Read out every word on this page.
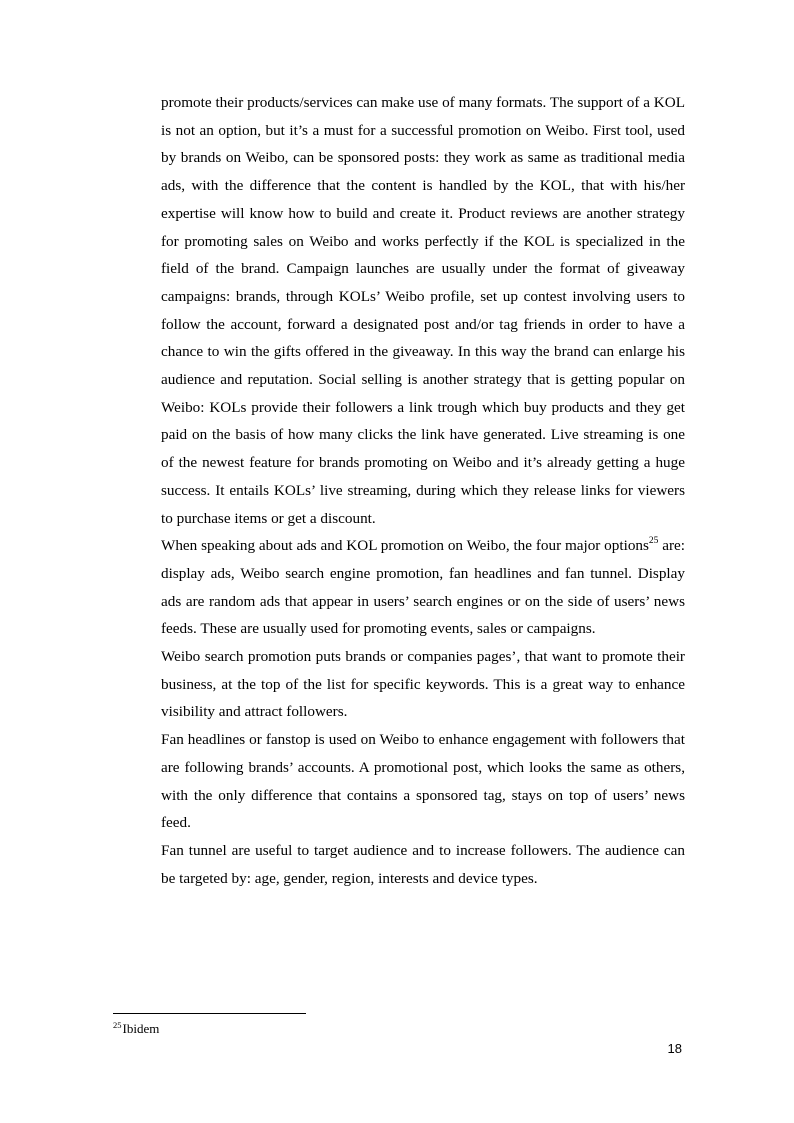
promote their products/services can make use of many formats. The support of a KOL is not an option, but it’s a must for a successful promotion on Weibo. First tool, used by brands on Weibo, can be sponsored posts: they work as same as traditional media ads, with the difference that the content is handled by the KOL, that with his/her expertise will know how to build and create it. Product reviews are another strategy for promoting sales on Weibo and works perfectly if the KOL is specialized in the field of the brand. Campaign launches are usually under the format of giveaway campaigns: brands, through KOLs’ Weibo profile, set up contest involving users to follow the account, forward a designated post and/or tag friends in order to have a chance to win the gifts offered in the giveaway. In this way the brand can enlarge his audience and reputation. Social selling is another strategy that is getting popular on Weibo: KOLs provide their followers a link trough which buy products and they get paid on the basis of how many clicks the link have generated. Live streaming is one of the newest feature for brands promoting on Weibo and it’s already getting a huge success. It entails KOLs’ live streaming, during which they release links for viewers to purchase items or get a discount.

When speaking about ads and KOL promotion on Weibo, the four major options$^{25}$ are: display ads, Weibo search engine promotion, fan headlines and fan tunnel. Display ads are random ads that appear in users’ search engines or on the side of users’ news feeds. These are usually used for promoting events, sales or campaigns.

Weibo search promotion puts brands or companies pages’, that want to promote their business, at the top of the list for specific keywords. This is a great way to enhance visibility and attract followers.

Fan headlines or fanstop is used on Weibo to enhance engagement with followers that are following brands’ accounts. A promotional post, which looks the same as others, with the only difference that contains a sponsored tag, stays on top of users’ news feed.

Fan tunnel are useful to target audience and to increase followers. The audience can be targeted by: age, gender, region, interests and device types.

$^{25}$Ibidem
18
